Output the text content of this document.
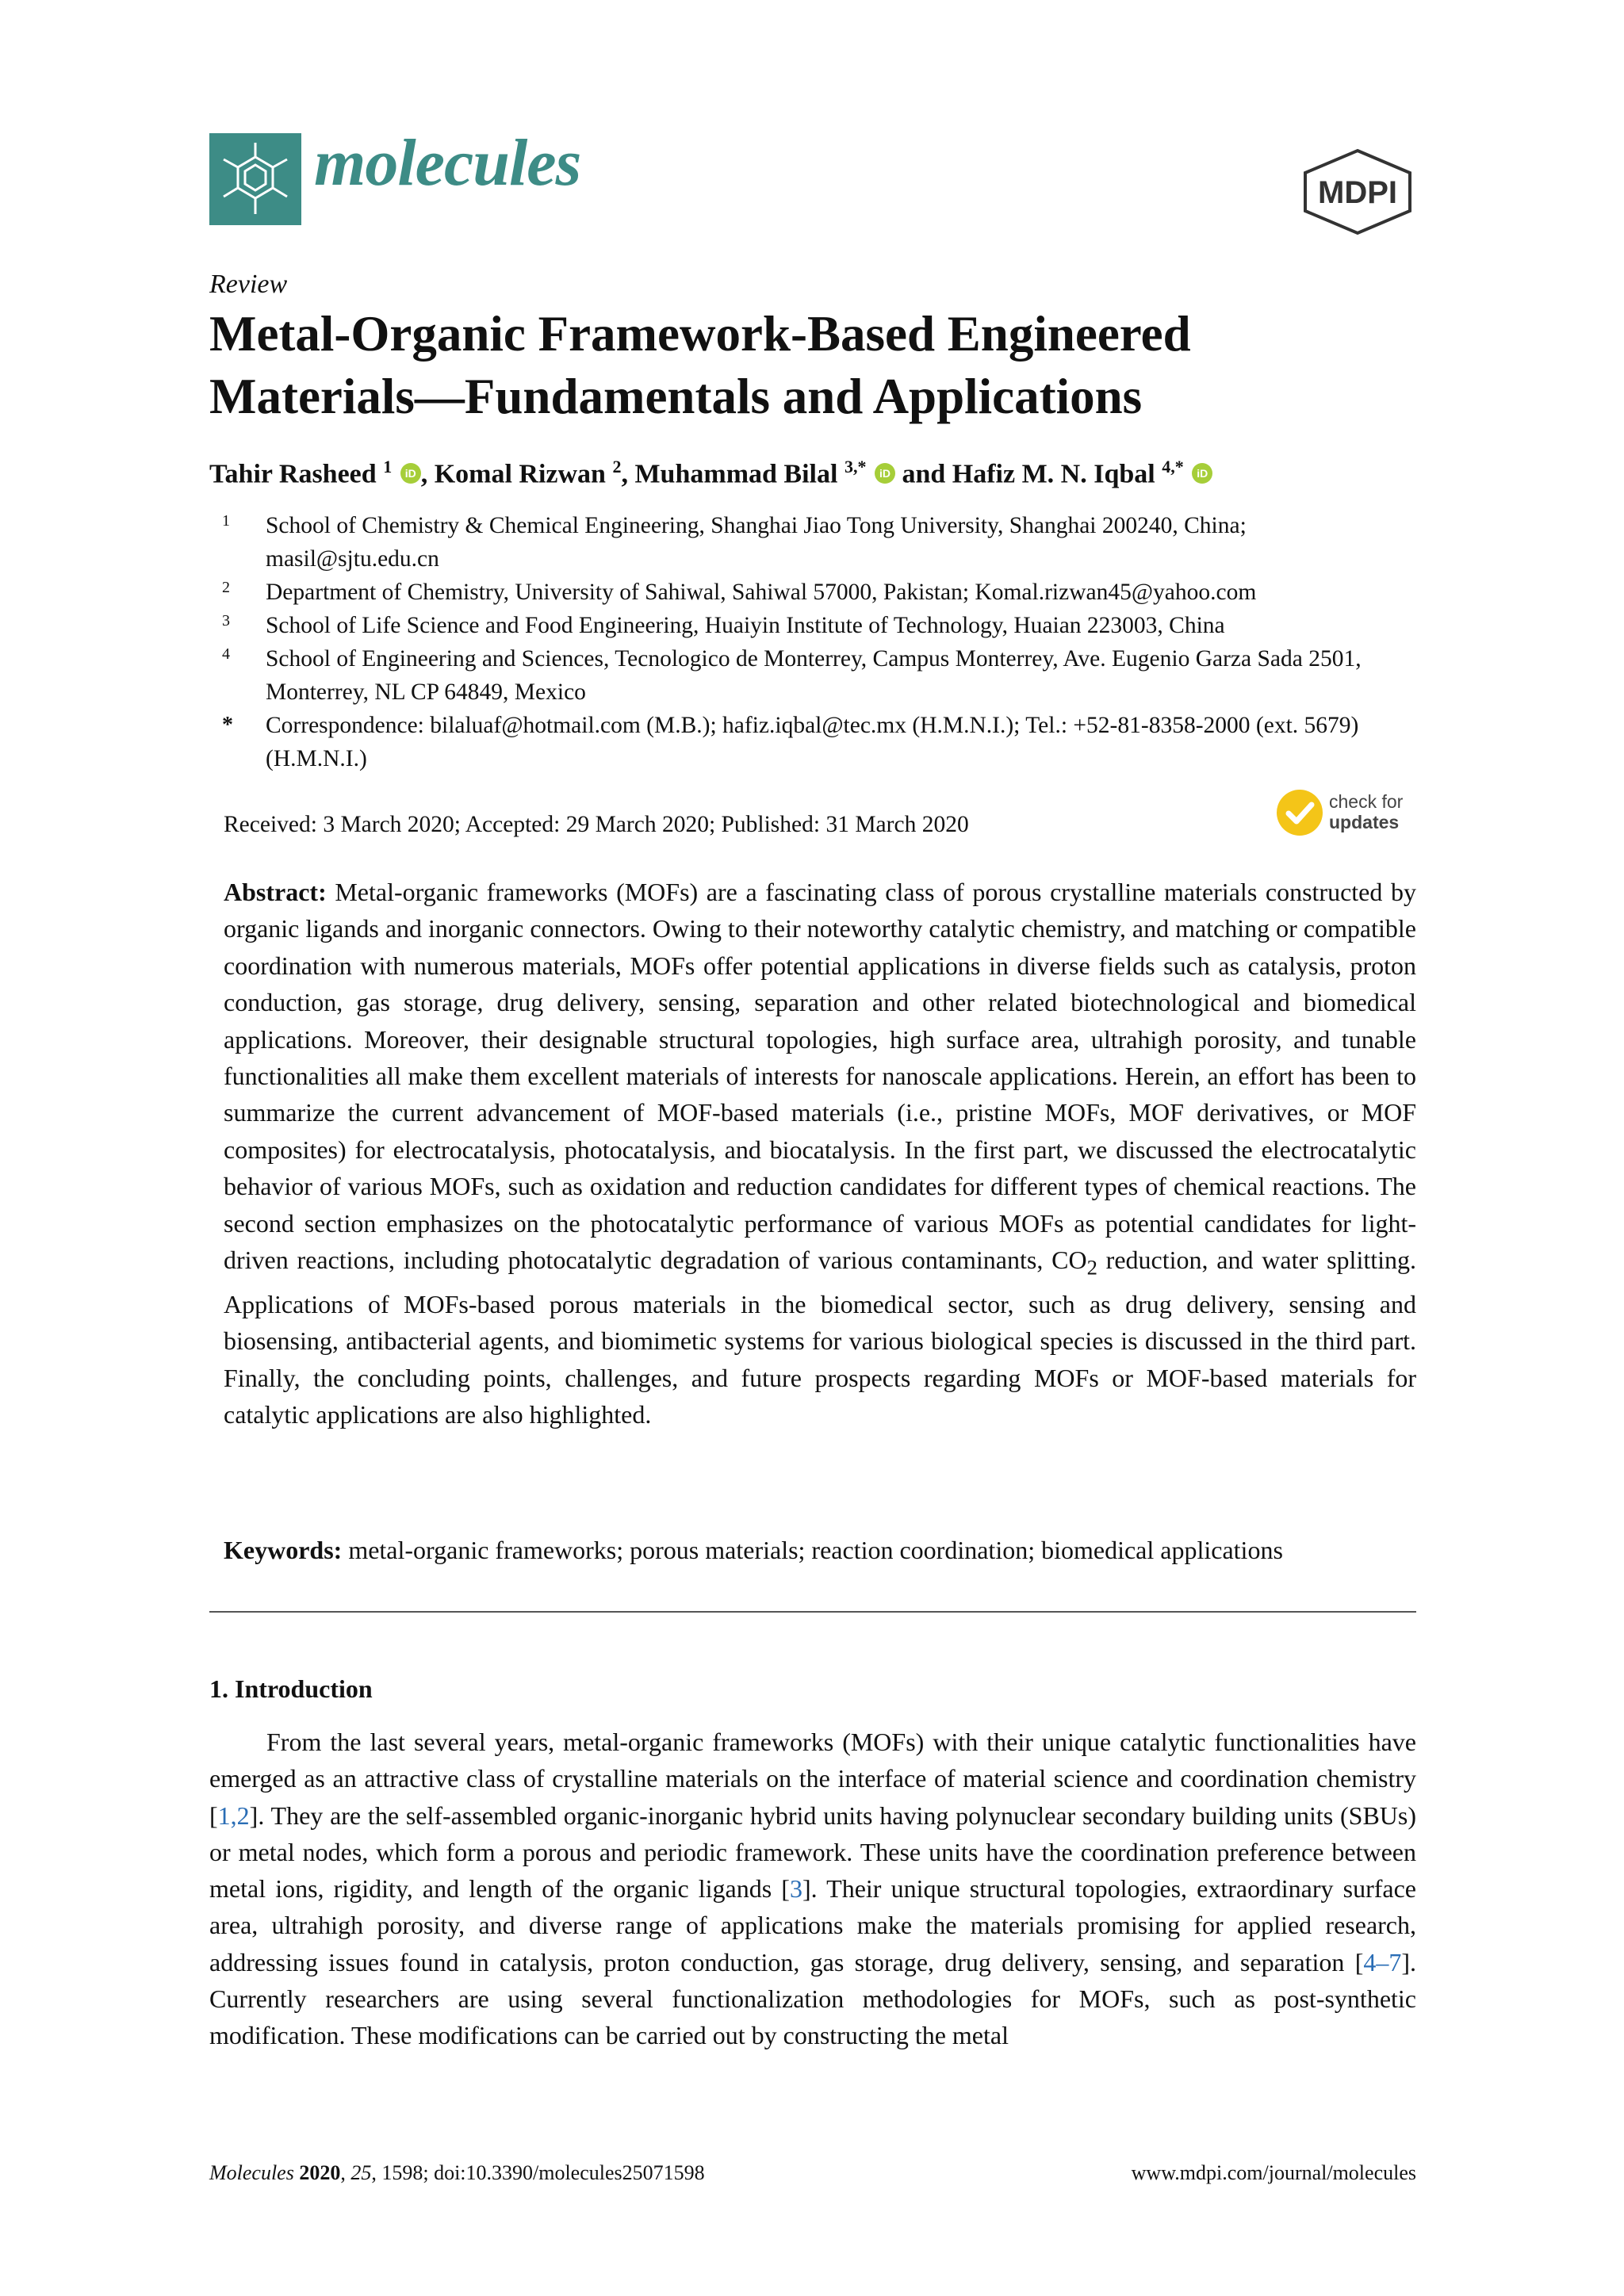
molecules	MDPI
Review
Metal-Organic Framework-Based Engineered Materials—Fundamentals and Applications
Tahir Rasheed $^1$ iD , Komal Rizwan $^2$, Muhammad Bilal $^{3,*}$ iD and Hafiz M. N. Iqbal $^{4,*}$ iD
1	School of Chemistry & Chemical Engineering, Shanghai Jiao Tong University, Shanghai 200240, China; masil@sjtu.edu.cn
2	Department of Chemistry, University of Sahiwal, Sahiwal 57000, Pakistan; Komal.rizwan45@yahoo.com
3	School of Life Science and Food Engineering, Huaiyin Institute of Technology, Huaian 223003, China
4	School of Engineering and Sciences, Tecnologico de Monterrey, Campus Monterrey, Ave. Eugenio Garza Sada 2501, Monterrey, NL CP 64849, Mexico
*	Correspondence: bilaluaf@hotmail.com (M.B.); hafiz.iqbal@tec.mx (H.M.N.I.); Tel.: +52-81-8358-2000 (ext. 5679) (H.M.N.I.)
Received: 3 March 2020; Accepted: 29 March 2020; Published: 31 March 2020
check for
updates
Abstract: Metal-organic frameworks (MOFs) are a fascinating class of porous crystalline materials constructed by organic ligands and inorganic connectors. Owing to their noteworthy catalytic chemistry, and matching or compatible coordination with numerous materials, MOFs offer potential applications in diverse fields such as catalysis, proton conduction, gas storage, drug delivery, sensing, separation and other related biotechnological and biomedical applications. Moreover, their designable structural topologies, high surface area, ultrahigh porosity, and tunable functionalities all make them excellent materials of interests for nanoscale applications. Herein, an effort has been to summarize the current advancement of MOF-based materials (i.e., pristine MOFs, MOF derivatives, or MOF composites) for electrocatalysis, photocatalysis, and biocatalysis. In the first part, we discussed the electrocatalytic behavior of various MOFs, such as oxidation and reduction candidates for different types of chemical reactions. The second section emphasizes on the photocatalytic performance of various MOFs as potential candidates for light-driven reactions, including photocatalytic degradation of various contaminants, $CO_2$ reduction, and water splitting. Applications of MOFs-based porous materials in the biomedical sector, such as drug delivery, sensing and biosensing, antibacterial agents, and biomimetic systems for various biological species is discussed in the third part. Finally, the concluding points, challenges, and future prospects regarding MOFs or MOF-based materials for catalytic applications are also highlighted.
Keywords: metal-organic frameworks; porous materials; reaction coordination; biomedical applications
1. Introduction
From the last several years, metal-organic frameworks (MOFs) with their unique catalytic functionalities have emerged as an attractive class of crystalline materials on the interface of material science and coordination chemistry [1,2]. They are the self-assembled organic-inorganic hybrid units having polynuclear secondary building units (SBUs) or metal nodes, which form a porous and periodic framework. These units have the coordination preference between metal ions, rigidity, and length of the organic ligands [3]. Their unique structural topologies, extraordinary surface area, ultrahigh porosity, and diverse range of applications make the materials promising for applied research, addressing issues found in catalysis, proton conduction, gas storage, drug delivery, sensing, and separation [4–7]. Currently researchers are using several functionalization methodologies for MOFs, such as post-synthetic modification. These modifications can be carried out by constructing the metal
Molecules 2020, 25, 1598; doi:10.3390/molecules25071598	www.mdpi.com/journal/molecules
